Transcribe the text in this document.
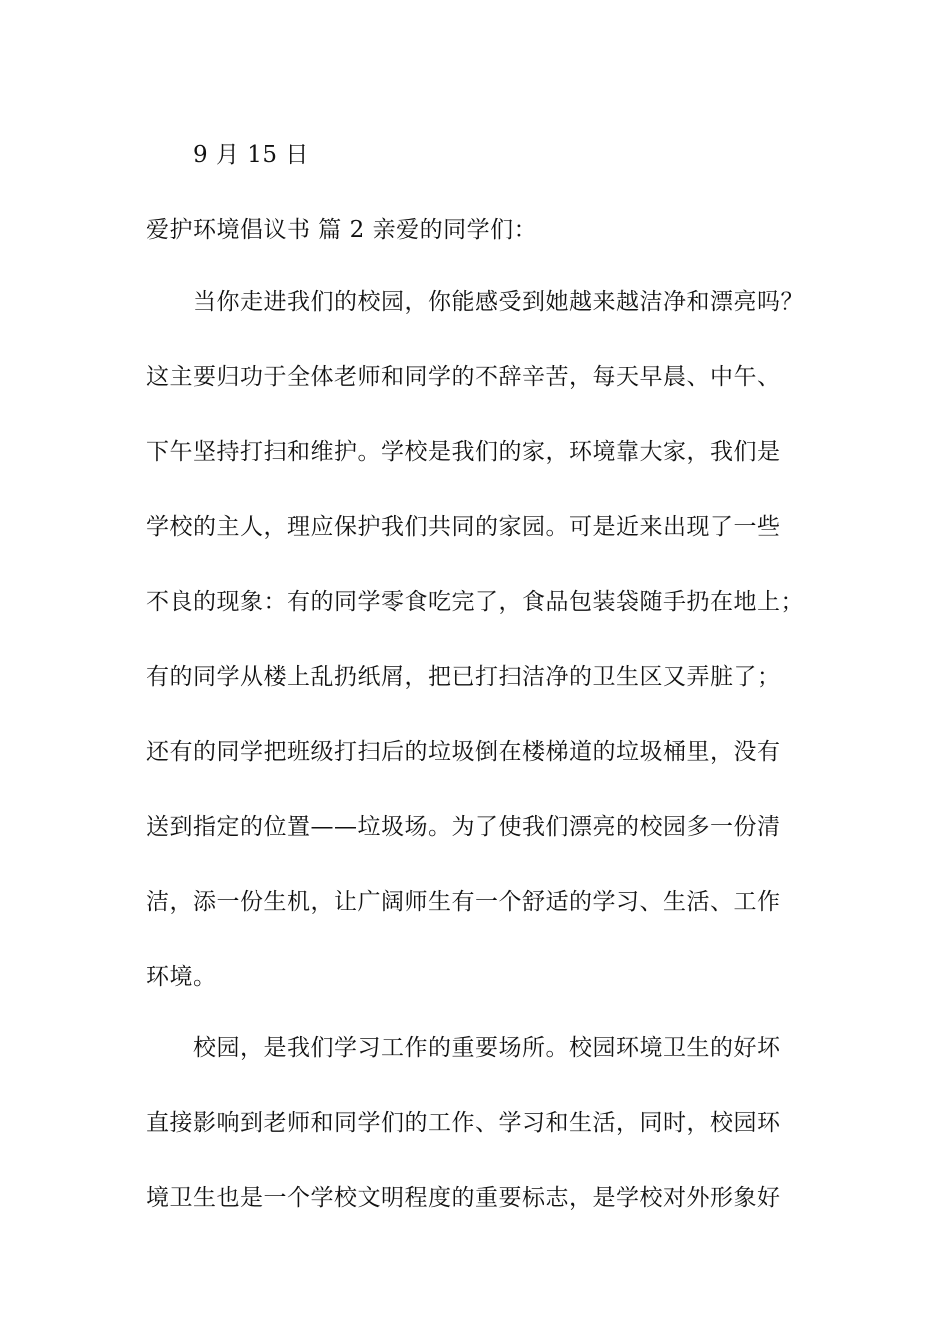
9 月 15 日
爱护环境倡议书 篇 2 亲爱的同学们：
当你走进我们的校园，你能感受到她越来越洁净和漂亮吗？
这主要归功于全体老师和同学的不辞辛苦，每天早晨、中午、
下午坚持打扫和维护。学校是我们的家，环境靠大家，我们是
学校的主人，理应保护我们共同的家园。可是近来出现了一些
不良的现象：有的同学零食吃完了，食品包装袋随手扔在地上；
有的同学从楼上乱扔纸屑，把已打扫洁净的卫生区又弄脏了；
还有的同学把班级打扫后的垃圾倒在楼梯道的垃圾桶里，没有
送到指定的位置——垃圾场。为了使我们漂亮的校园多一份清
洁，添一份生机，让广阔师生有一个舒适的学习、生活、工作
环境。
校园，是我们学习工作的重要场所。校园环境卫生的好坏
直接影响到老师和同学们的工作、学习和生活，同时，校园环
境卫生也是一个学校文明程度的重要标志，是学校对外形象好
